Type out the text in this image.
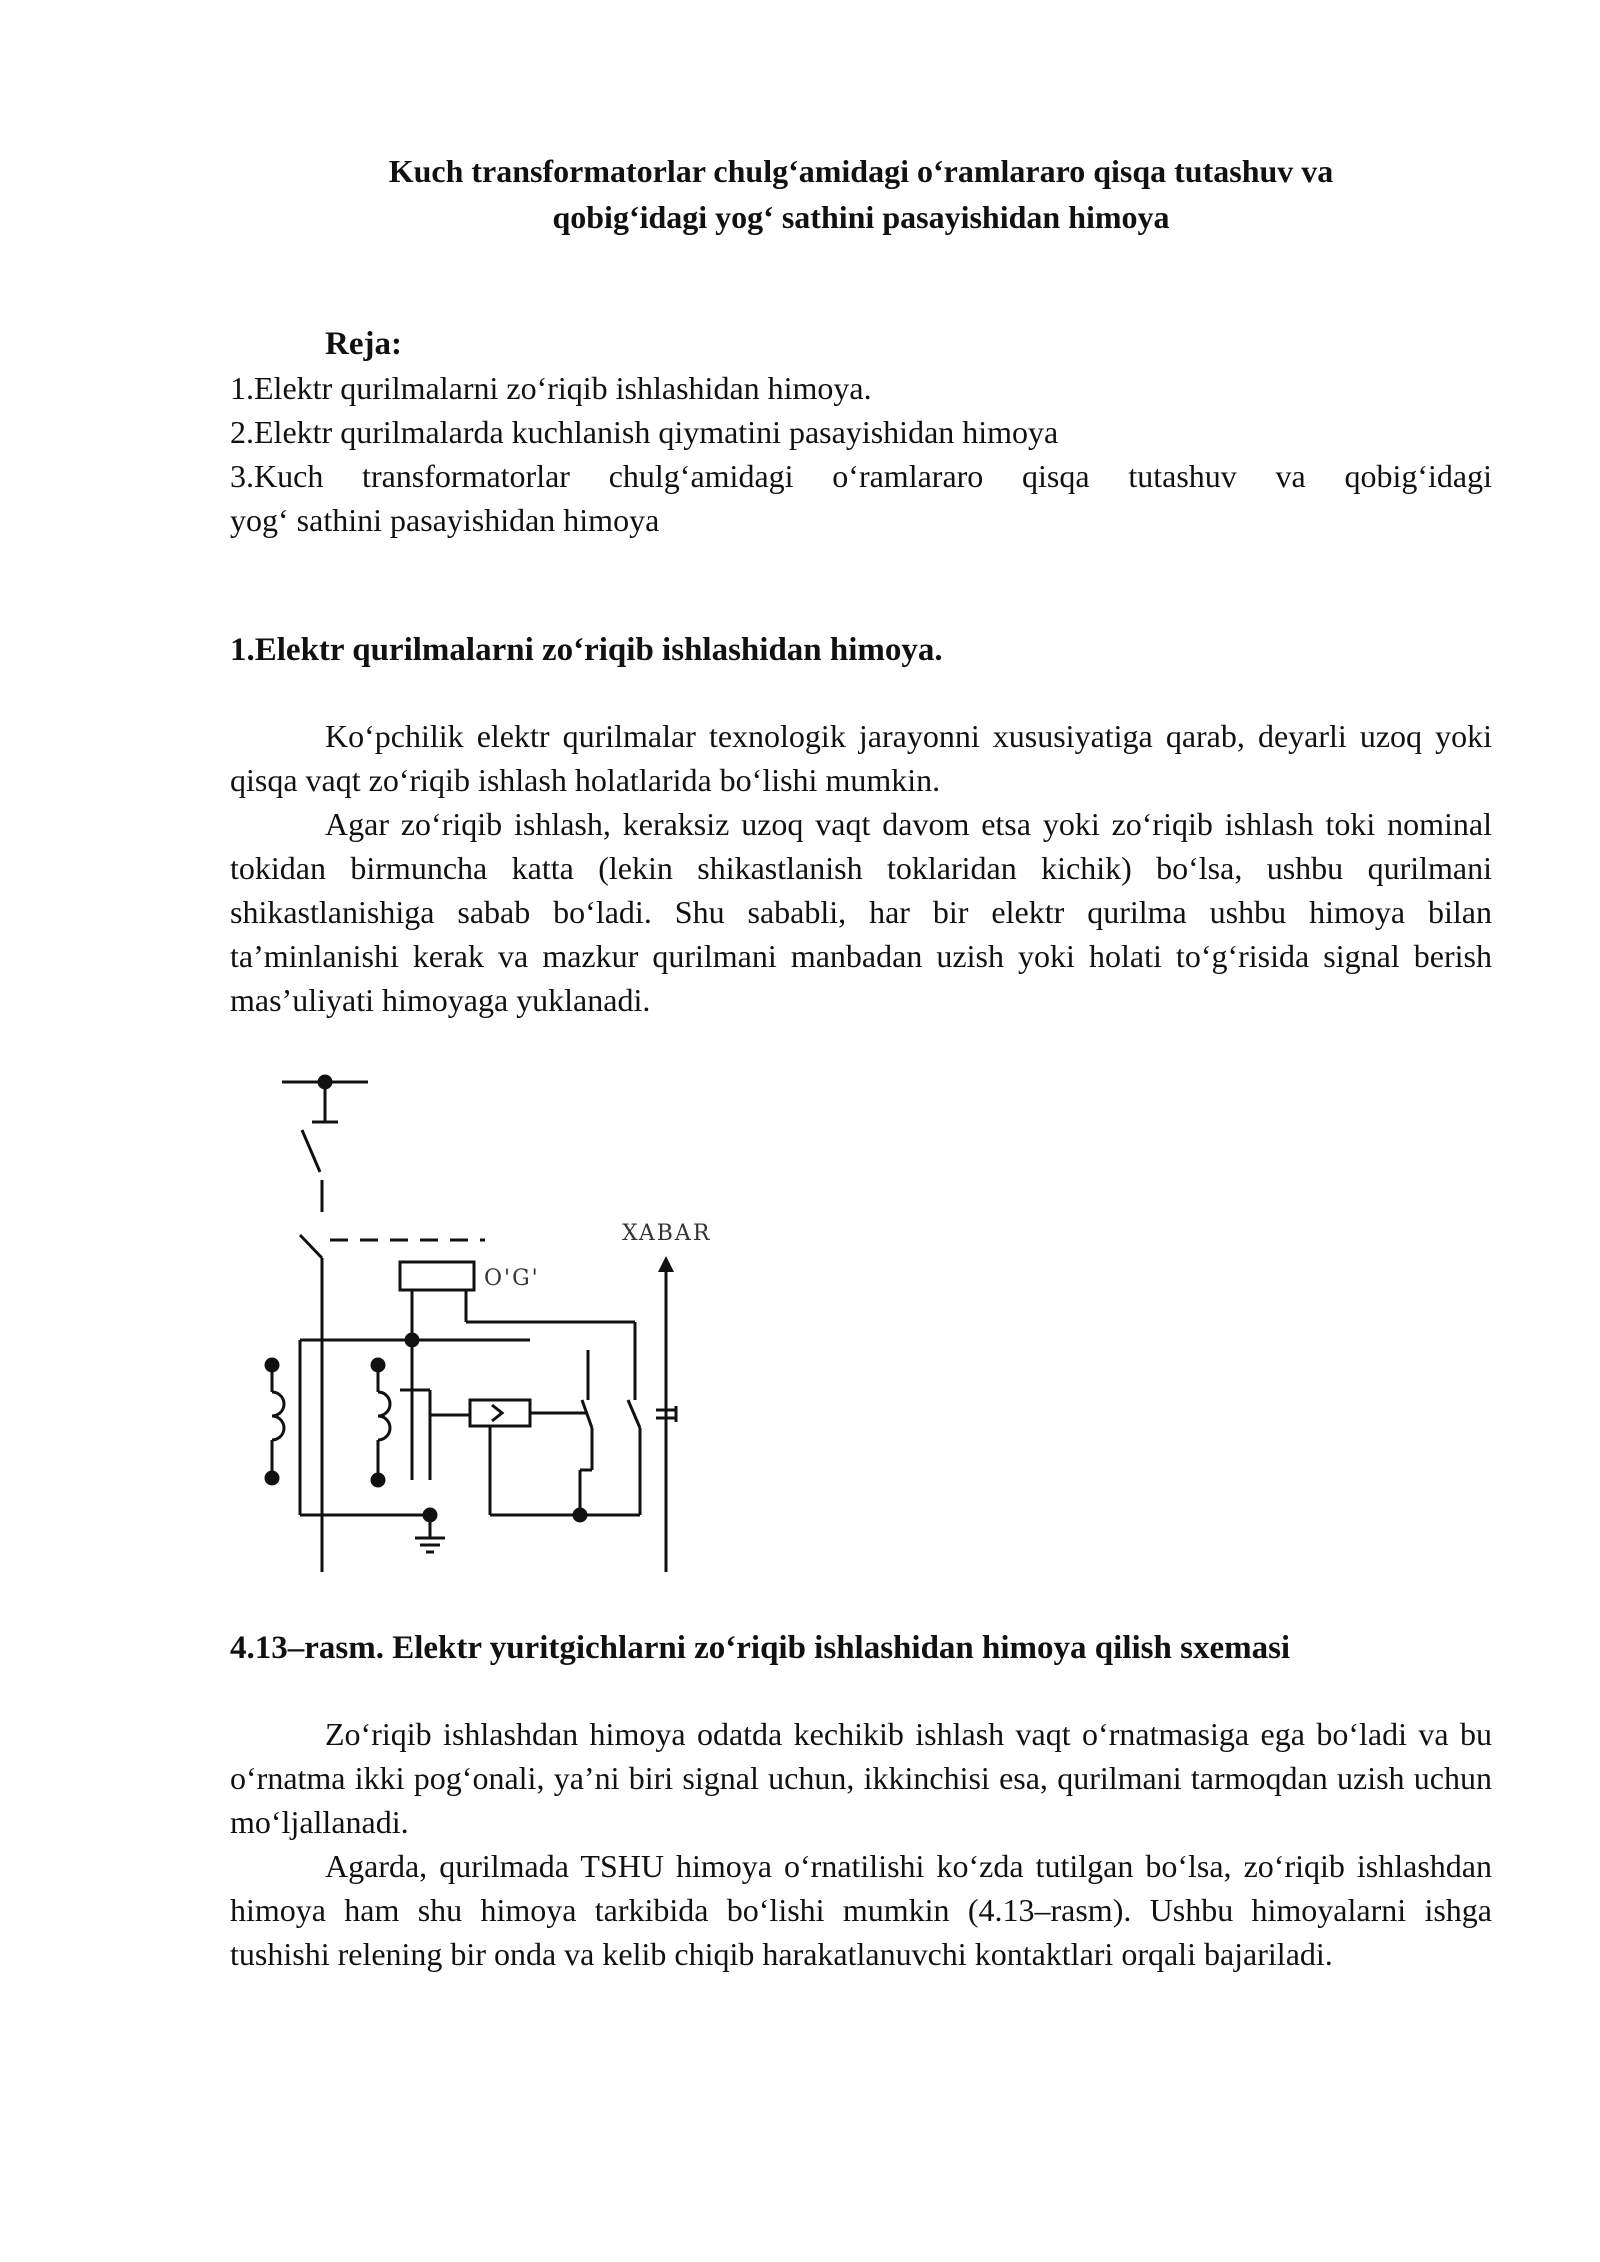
Kuch transformatorlar chulg‘amidagi o‘ramlararo qisqa tutashuv va
qobig‘idagi yog‘ sathini pasayishidan himoya
Reja:
1.Elektr qurilmalarni zo‘riqib ishlashidan himoya.
2.Elektr qurilmalarda kuchlanish qiymatini pasayishidan himoya
3.Kuch transformatorlar chulg‘amidagi o‘ramlararo qisqa tutashuv va qobig‘idagi
yog‘ sathini pasayishidan himoya
1.Elektr qurilmalarni zo‘riqib ishlashidan himoya.

Ko‘pchilik elektr qurilmalar texnologik jarayonni xususiyatiga qarab, deyarli uzoq yoki qisqa vaqt zo‘riqib ishlash holatlarida bo‘lishi mumkin.

Agar zo‘riqib ishlash, keraksiz uzoq vaqt davom etsa yoki zo‘riqib ishlash toki nominal tokidan birmuncha katta (lekin shikastlanish toklaridan kichik) bo‘lsa, ushbu qurilmani shikastlanishiga sabab bo‘ladi. Shu sababli, har bir elektr qurilma ushbu himoya bilan ta’minlanishi kerak va mazkur qurilmani manbadan uzish yoki holati to‘g‘risida signal berish mas’uliyati himoyaga yuklanadi.

XABAR
O'G'
4.13–rasm. Elektr yuritgichlarni zo‘riqib ishlashidan himoya qilish sxemasi

Zo‘riqib ishlashdan himoya odatda kechikib ishlash vaqt o‘rnatmasiga ega bo‘ladi va bu o‘rnatma ikki pog‘onali, ya’ni biri signal uchun, ikkinchisi esa, qurilmani tarmoqdan uzish uchun mo‘ljallanadi.

Agarda, qurilmada TSHU himoya o‘rnatilishi ko‘zda tutilgan bo‘lsa, zo‘riqib ishlashdan himoya ham shu himoya tarkibida bo‘lishi mumkin (4.13–rasm). Ushbu himoyalarni ishga tushishi relening bir onda va kelib chiqib harakatlanuvchi kontaktlari orqali bajariladi.
